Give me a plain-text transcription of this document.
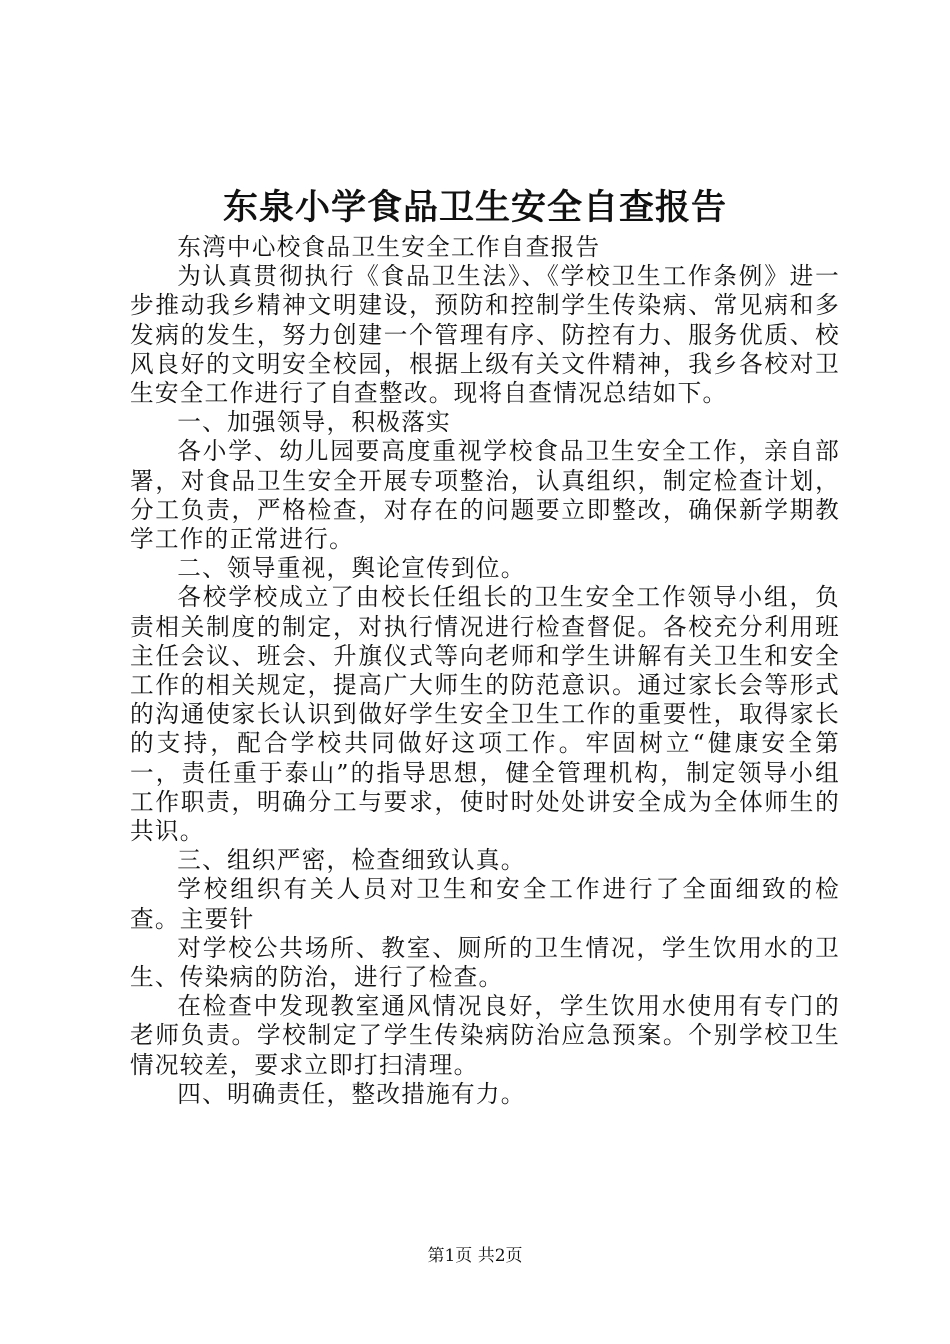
东泉小学食品卫生安全自查报告

东湾中心校食品卫生安全工作自查报告

为认真贯彻执行《食品卫生法》、《学校卫生工作条例》进一步推动我乡精神文明建设，预防和控制学生传染病、常见病和多发病的发生，努力创建一个管理有序、防控有力、服务优质、校风良好的文明安全校园，根据上级有关文件精神，我乡各校对卫生安全工作进行了自查整改。现将自查情况总结如下。

一、加强领导，积极落实

各小学、幼儿园要高度重视学校食品卫生安全工作，亲自部署，对食品卫生安全开展专项整治，认真组织，制定检查计划，分工负责，严格检查，对存在的问题要立即整改，确保新学期教学工作的正常进行。

二、领导重视，舆论宣传到位。

各校学校成立了由校长任组长的卫生安全工作领导小组，负责相关制度的制定，对执行情况进行检查督促。各校充分利用班主任会议、班会、升旗仪式等向老师和学生讲解有关卫生和安全工作的相关规定，提高广大师生的防范意识。通过家长会等形式的沟通使家长认识到做好学生安全卫生工作的重要性，取得家长的支持，配合学校共同做好这项工作。牢固树立“健康安全第一，责任重于泰山”的指导思想，健全管理机构，制定领导小组工作职责，明确分工与要求，使时时处处讲安全成为全体师生的共识。

三、组织严密，检查细致认真。

学校组织有关人员对卫生和安全工作进行了全面细致的检查。主要针

对学校公共场所、教室、厕所的卫生情况，学生饮用水的卫生、传染病的防治，进行了检查。

在检查中发现教室通风情况良好，学生饮用水使用有专门的老师负责。学校制定了学生传染病防治应急预案。个别学校卫生情况较差，要求立即打扫清理。

四、明确责任，整改措施有力。

第1页 共2页
